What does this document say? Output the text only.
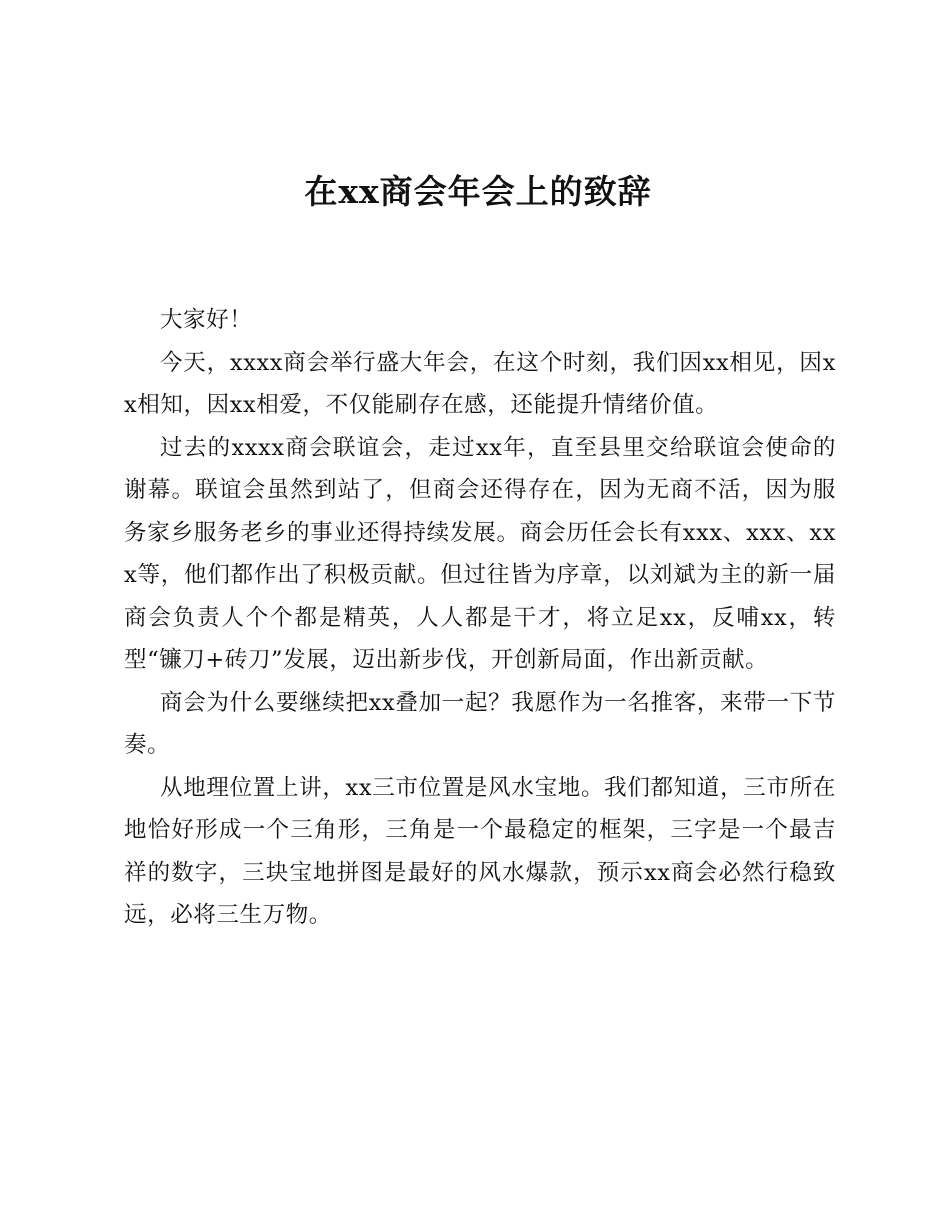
在xx商会年会上的致辞

大家好！

今天，xxxx商会举行盛大年会，在这个时刻，我们因xx相见，因xx相知，因xx相爱，不仅能刷存在感，还能提升情绪价值。

过去的xxxx商会联谊会，走过xx年，直至县里交给联谊会使命的谢幕。联谊会虽然到站了，但商会还得存在，因为无商不活，因为服务家乡服务老乡的事业还得持续发展。商会历任会长有xxx、xxx、xxx等，他们都作出了积极贡献。但过往皆为序章，以刘斌为主的新一届商会负责人个个都是精英，人人都是干才，将立足xx，反哺xx，转型“镰刀+砖刀”发展，迈出新步伐，开创新局面，作出新贡献。

商会为什么要继续把xx叠加一起？我愿作为一名推客，来带一下节奏。

从地理位置上讲，xx三市位置是风水宝地。我们都知道，三市所在地恰好形成一个三角形，三角是一个最稳定的框架，三字是一个最吉祥的数字，三块宝地拼图是最好的风水爆款，预示xx商会必然行稳致远，必将三生万物。
